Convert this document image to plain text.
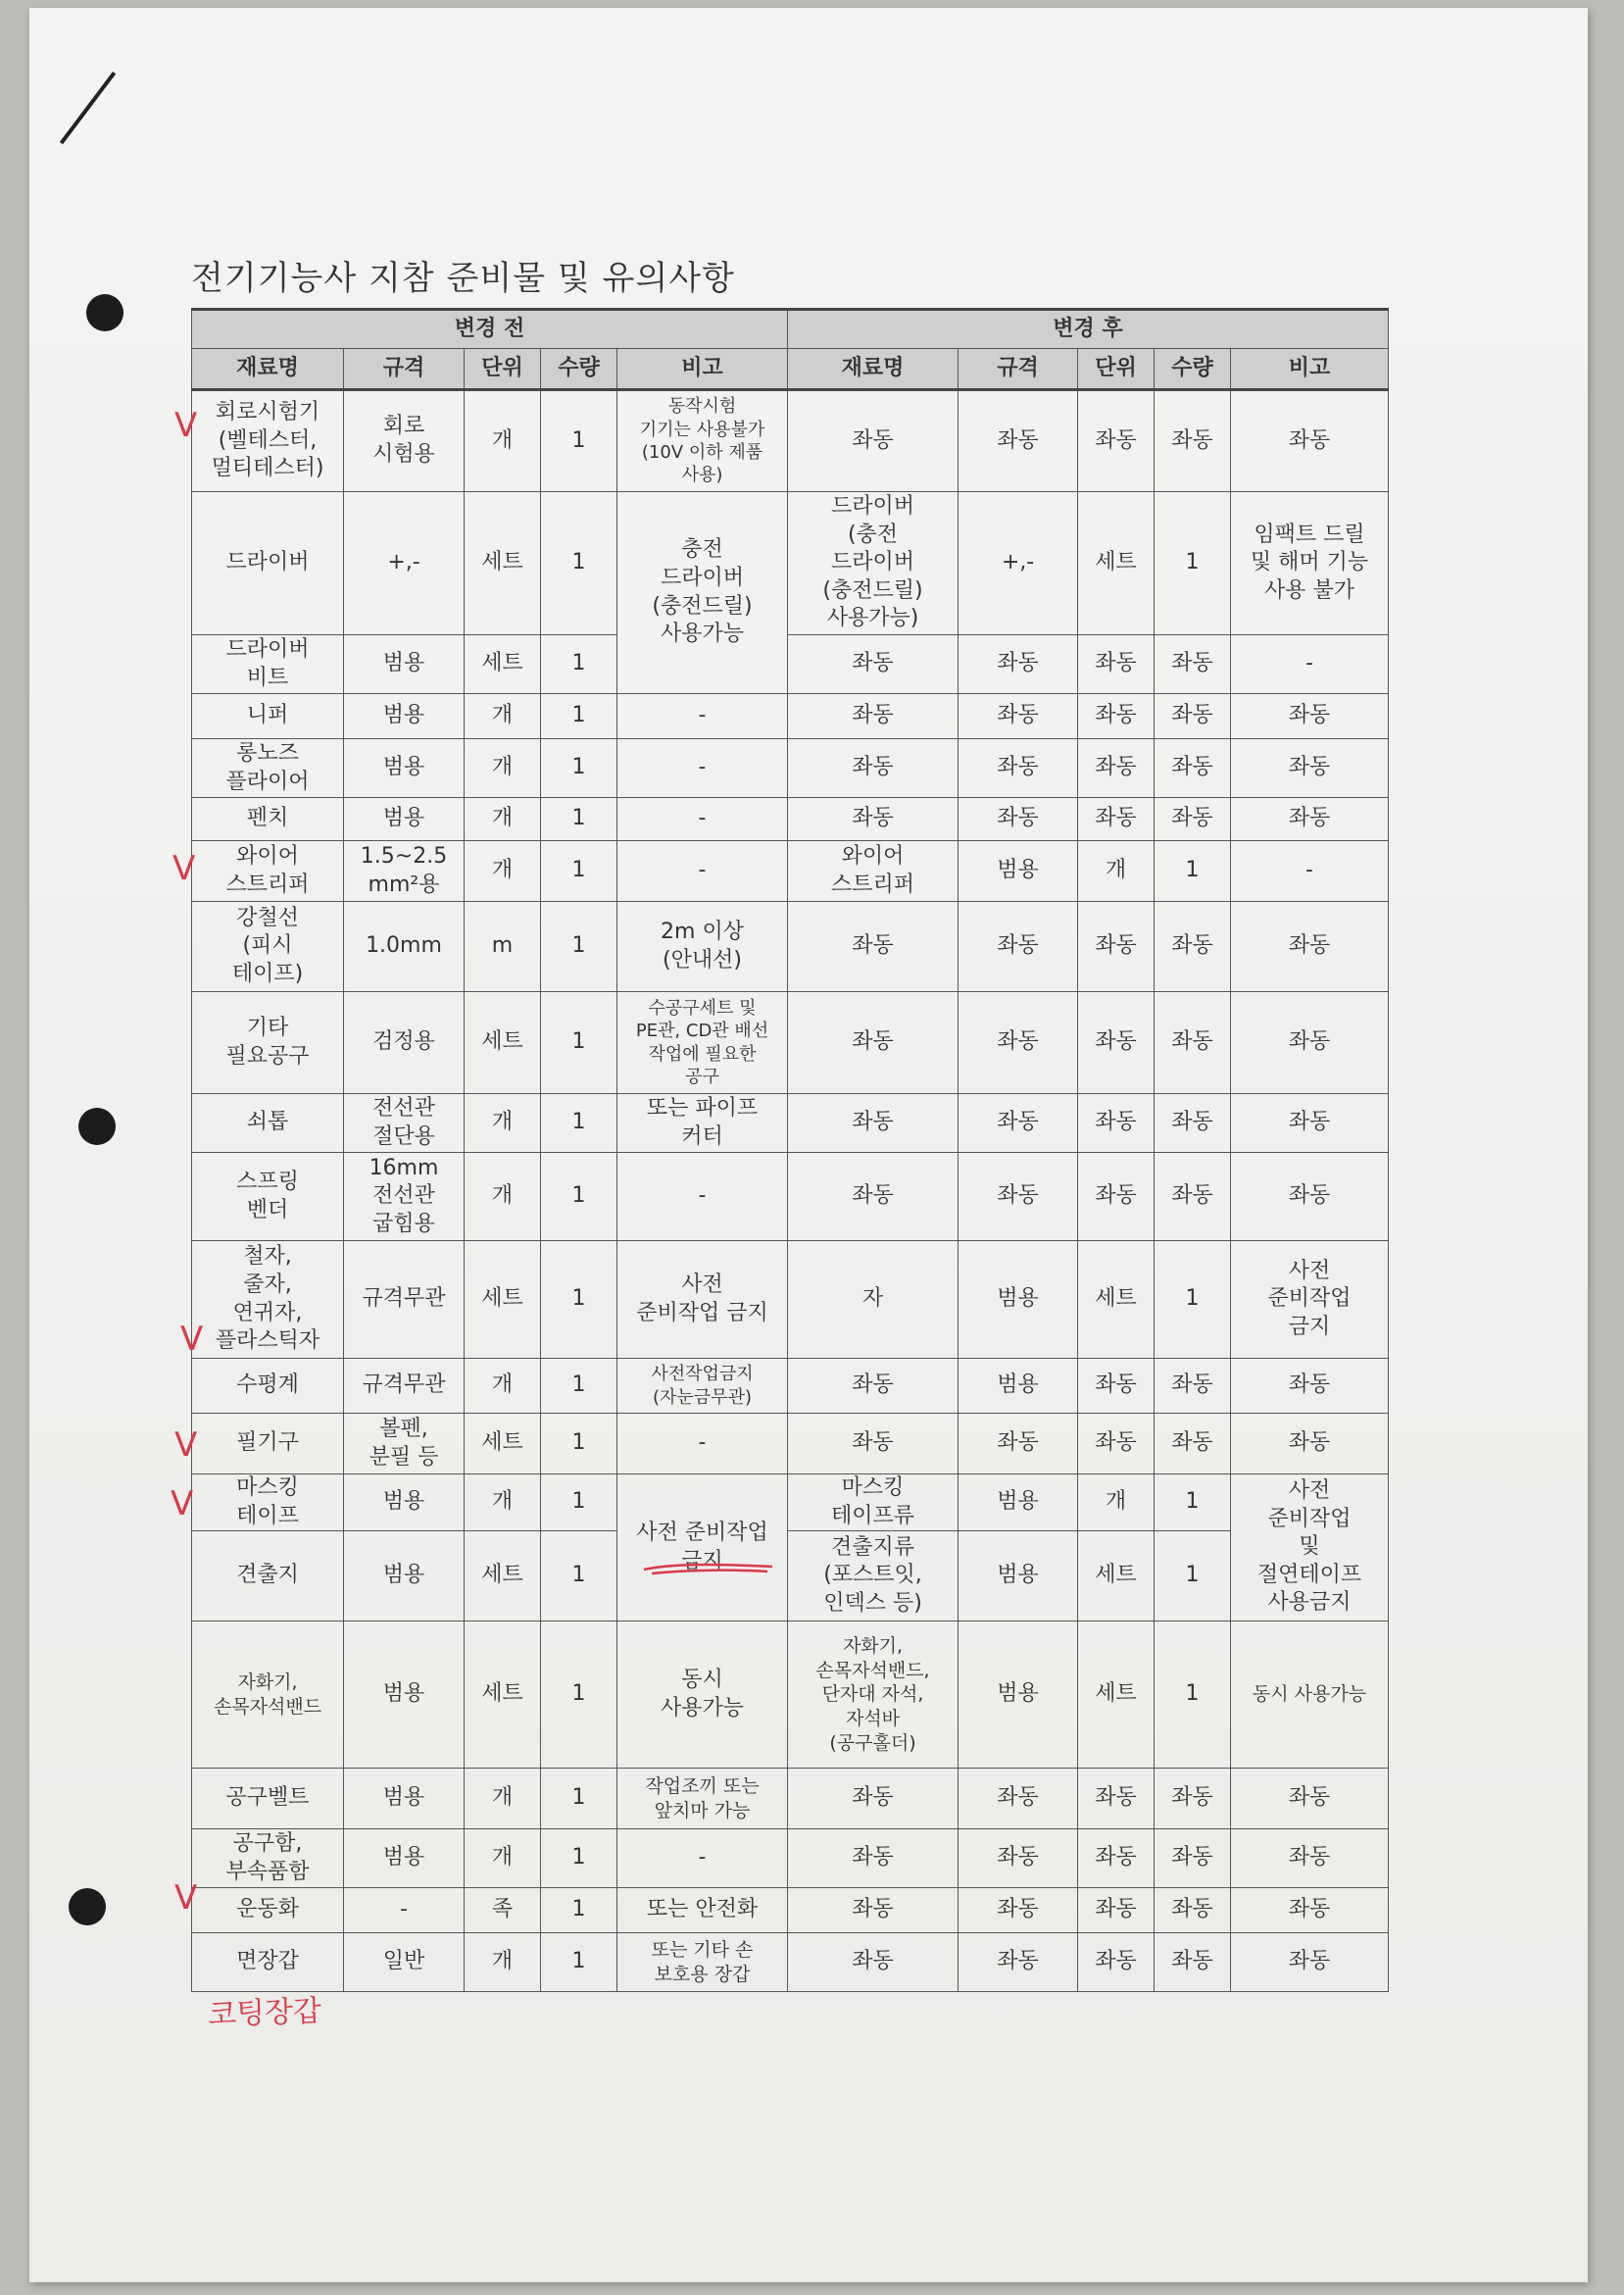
전기기능사 지참 준비물 및 유의사항
변경 전					변경 후				
재료명	규격	단위	수량	비고	재료명	규격	단위	수량	비고
회로시험기
(벨테스터,
멀티테스터)	회로
시험용	개	1	동작시험
기기는 사용불가
(10V 이하 제품
사용)	좌동	좌동	좌동	좌동	좌동
드라이버	+,-	세트	1	충전
드라이버
(충전드릴)
사용가능	드라이버
(충전
드라이버
(충전드릴)
사용가능)	+,-	세트	1	임팩트 드릴
및 해머 기능
사용 불가
드라이버
비트	범용	세트	1		좌동	좌동	좌동	좌동	-
니퍼	범용	개	1	-	좌동	좌동	좌동	좌동	좌동
롱노즈
플라이어	범용	개	1	-	좌동	좌동	좌동	좌동	좌동
펜치	범용	개	1	-	좌동	좌동	좌동	좌동	좌동
와이어
스트리퍼	1.5~2.5
mm²용	개	1	-	와이어
스트리퍼	범용	개	1	-
강철선
(피시
테이프)	1.0mm	m	1	2m 이상
(안내선)	좌동	좌동	좌동	좌동	좌동
기타
필요공구	검정용	세트	1	수공구세트 및
PE관, CD관 배선
작업에 필요한
공구	좌동	좌동	좌동	좌동	좌동
쇠톱	전선관
절단용	개	1	또는 파이프
커터	좌동	좌동	좌동	좌동	좌동
스프링
벤더	16mm
전선관
굽힘용	개	1	-	좌동	좌동	좌동	좌동	좌동
철자,
줄자,
연귀자,
플라스틱자	규격무관	세트	1	사전
준비작업 금지	자	범용	세트	1	사전
준비작업
금지
수평계	규격무관	개	1	사전작업금지
(자눈금무관)	좌동	범용	좌동	좌동	좌동
필기구	볼펜,
분필 등	세트	1	-	좌동	좌동	좌동	좌동	좌동
마스킹
테이프	범용	개	1	사전 준비작업
금지	마스킹
테이프류	범용	개	1	사전
준비작업
및
절연테이프
사용금지
견출지	범용	세트	1		견출지류
(포스트잇,
인덱스 등)	범용	세트	1	
자화기,
손목자석밴드	범용	세트	1	동시
사용가능	자화기,
손목자석밴드,
단자대 자석,
자석바
(공구홀더)	범용	세트	1	동시 사용가능
공구벨트	범용	개	1	작업조끼 또는
앞치마 가능	좌동	좌동	좌동	좌동	좌동
공구함,
부속품함	범용	개	1	-	좌동	좌동	좌동	좌동	좌동
운동화	-	족	1	또는 안전화	좌동	좌동	좌동	좌동	좌동
면장갑	일반	개	1	또는 기타 손
보호용 장갑	좌동	좌동	좌동	좌동	좌동
V
V
V
V
V
V
코팅장갑
